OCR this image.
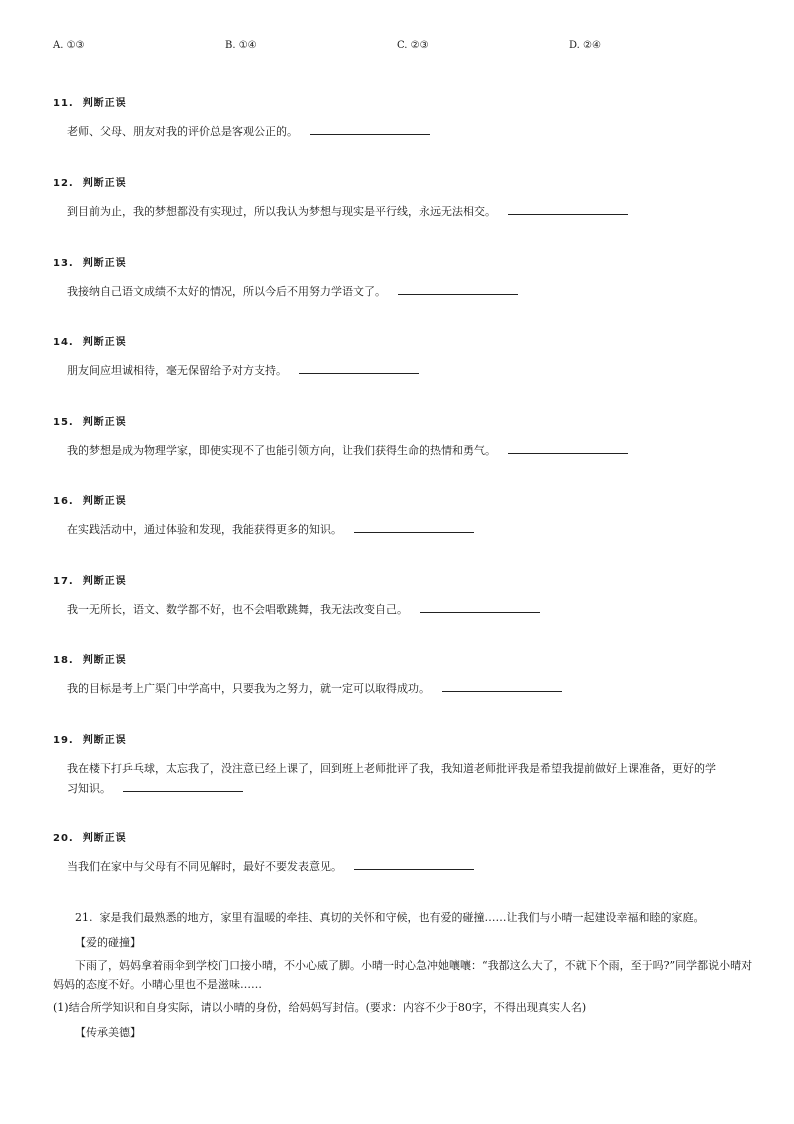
A. ①③	B. ①④	C. ②③	D. ②④
11. 判断正误
老师、父母、朋友对我的评价总是客观公正的。
12. 判断正误
到目前为止，我的梦想都没有实现过，所以我认为梦想与现实是平行线，永远无法相交。
13. 判断正误
我接纳自己语文成绩不太好的情况，所以今后不用努力学语文了。
14. 判断正误
朋友间应坦诚相待，毫无保留给予对方支持。
15. 判断正误
我的梦想是成为物理学家，即使实现不了也能引领方向，让我们获得生命的热情和勇气。
16. 判断正误
在实践活动中，通过体验和发现，我能获得更多的知识。
17. 判断正误
我一无所长，语文、数学都不好，也不会唱歌跳舞，我无法改变自己。
18. 判断正误
我的目标是考上广渠门中学高中，只要我为之努力，就一定可以取得成功。
19. 判断正误
我在楼下打乒乓球，太忘我了，没注意已经上课了，回到班上老师批评了我，我知道老师批评我是希望我提前做好上课准备，更好的学习知识。
20. 判断正误
当我们在家中与父母有不同见解时，最好不要发表意见。

21. 家是我们最熟悉的地方，家里有温暖的牵挂、真切的关怀和守候，也有爱的碰撞……让我们与小晴一起建设幸福和睦的家庭。

【爱的碰撞】
下雨了，妈妈拿着雨伞到学校门口接小晴，不小心威了脚。小晴一时心急冲她嚷嚷：“我都这么大了，不就下个雨，至于吗?”同学都说小晴对妈妈的态度不好。小晴心里也不是滋味……
(1)结合所学知识和自身实际，请以小晴的身份，给妈妈写封信。(要求：内容不少于80字，不得出现真实人名)
【传承美德】
